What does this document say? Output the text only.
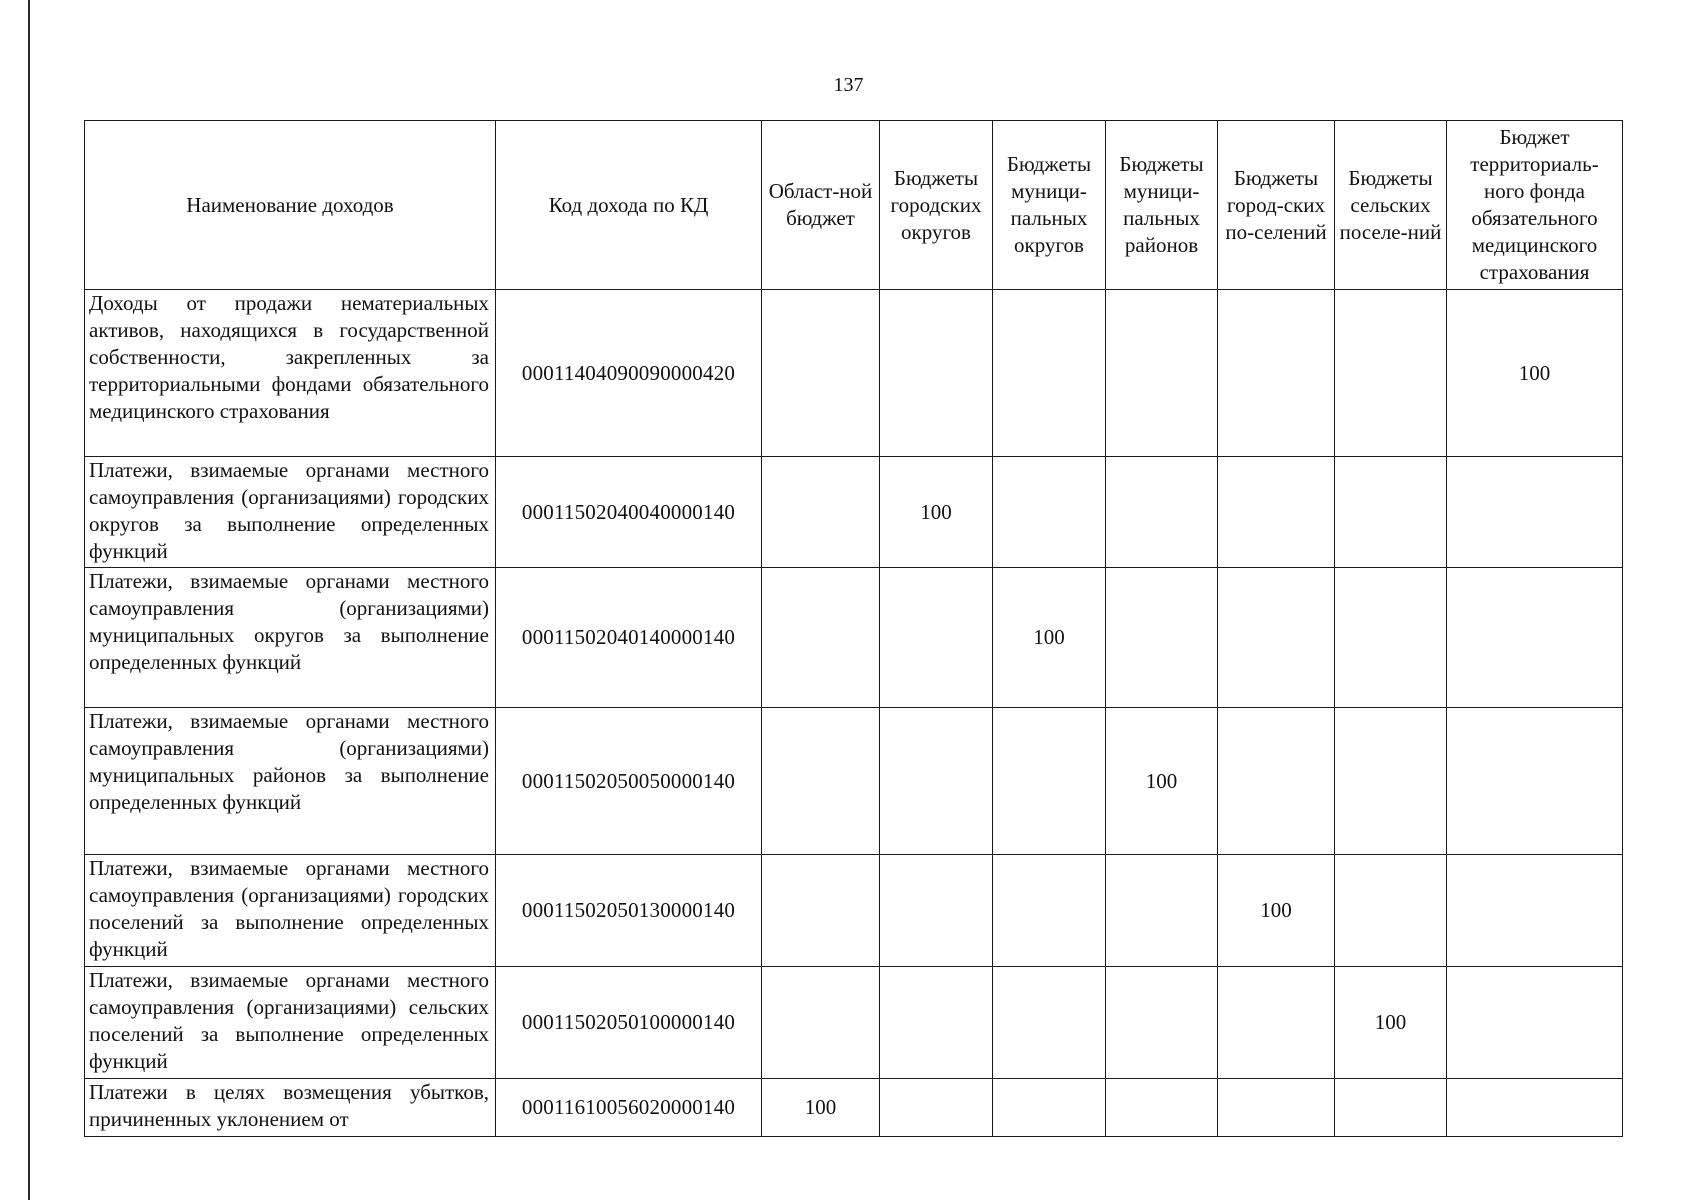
137
Наименование доходов	Код дохода по КД	Област-ной бюджет	Бюджеты городских округов	Бюджеты муници-пальных округов	Бюджеты муници-пальных районов	Бюджеты город-ских по-селений	Бюджеты сельских поселе-ний	Бюджет территориаль-ного фонда обязательного медицинского страхования
Доходы от продажи нематериальных активов, находящихся в государственной собственности, закрепленных за территориальными фондами обязательного медицинского страхования	00011404090090000420							100
Платежи, взимаемые органами местного самоуправления (организациями) городских округов за выполнение определенных функций	00011502040040000140		100					
Платежи, взимаемые органами местного самоуправления (организациями) муниципальных округов за выполнение определенных функций	00011502040140000140			100				
Платежи, взимаемые органами местного самоуправления (организациями) муниципальных районов за выполнение определенных функций	00011502050050000140				100			
Платежи, взимаемые органами местного самоуправления (организациями) городских поселений за выполнение определенных функций	00011502050130000140					100		
Платежи, взимаемые органами местного самоуправления (организациями) сельских поселений за выполнение определенных функций	00011502050100000140						100	
Платежи в целях возмещения убытков, причиненных уклонением от	00011610056020000140	100						
